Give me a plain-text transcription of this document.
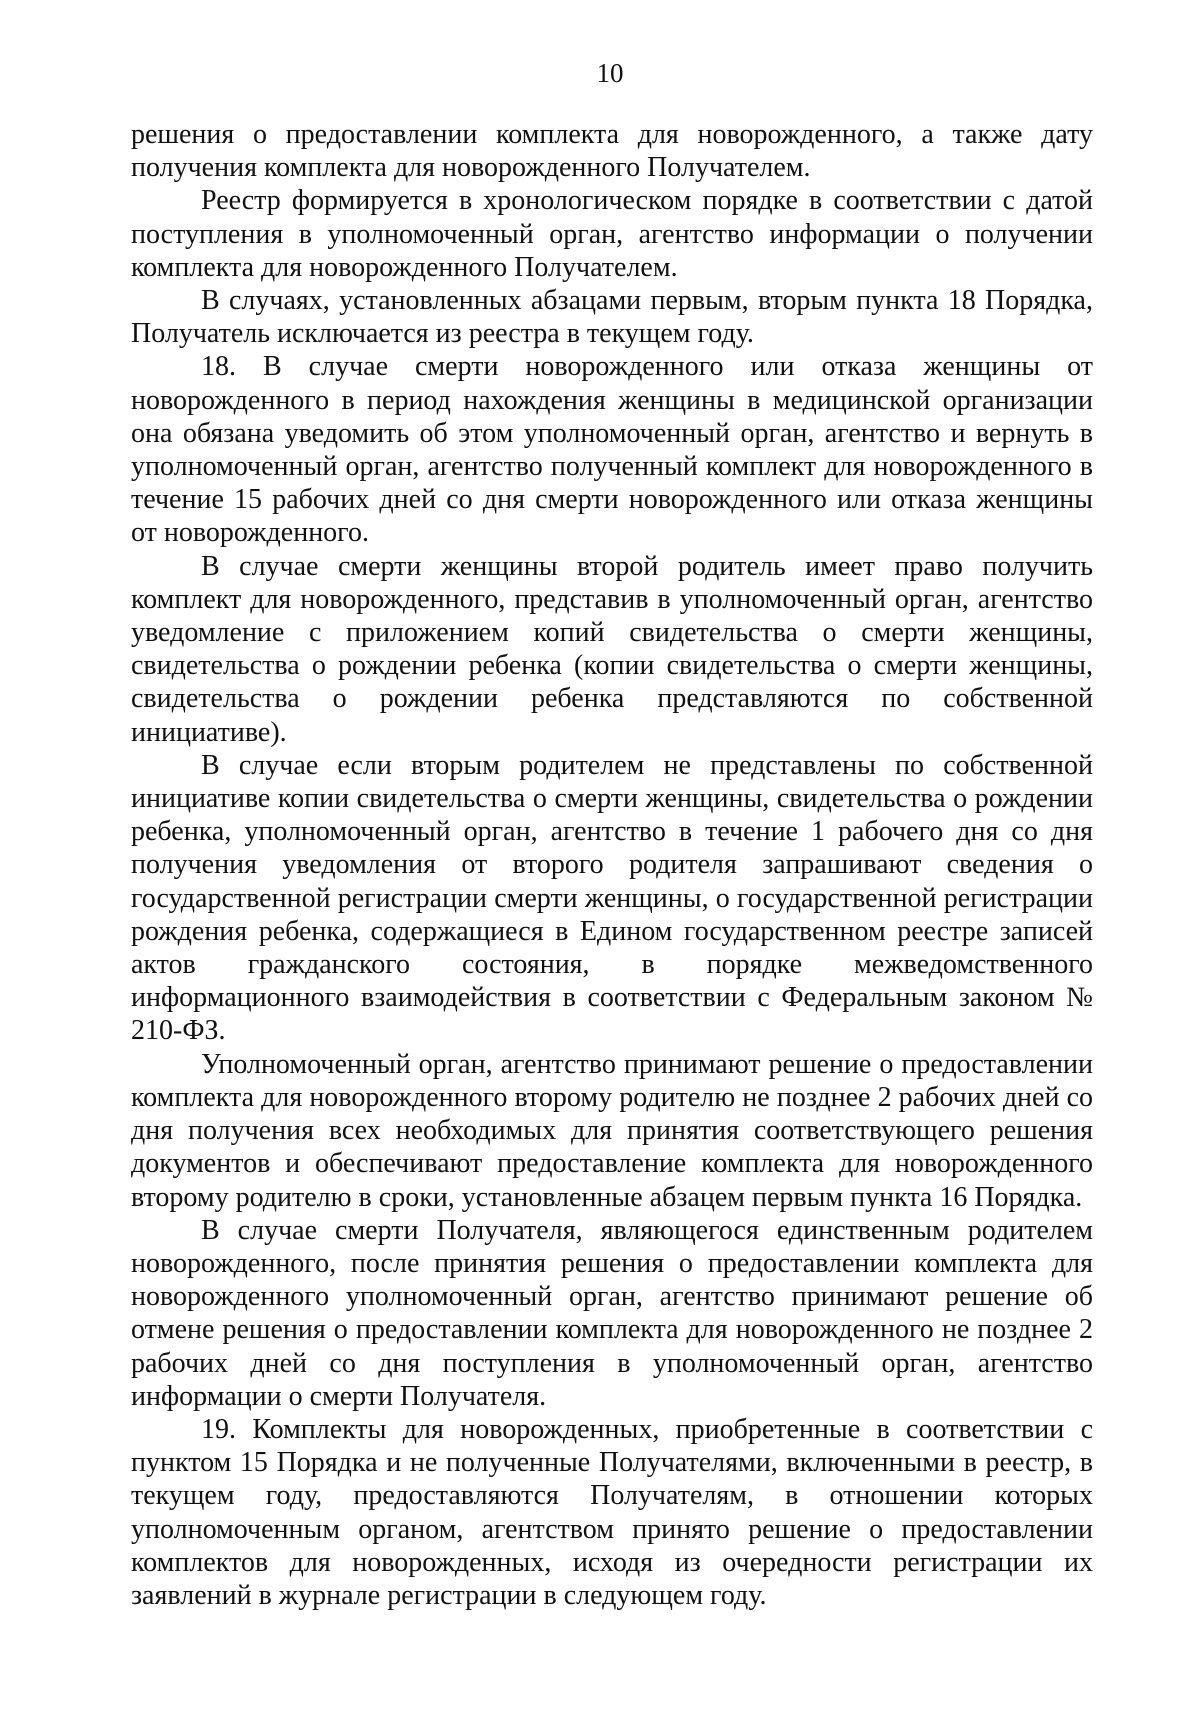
10

решения о предоставлении комплекта для новорожденного, а также дату получения комплекта для новорожденного Получателем.

Реестр формируется в хронологическом порядке в соответствии с датой поступления в уполномоченный орган, агентство информации о получении комплекта для новорожденного Получателем.

В случаях, установленных абзацами первым, вторым пункта 18 Порядка, Получатель исключается из реестра в текущем году.

18. В случае смерти новорожденного или отказа женщины от новорожденного в период нахождения женщины в медицинской организации она обязана уведомить об этом уполномоченный орган, агентство и вернуть в уполномоченный орган, агентство полученный комплект для новорожденного в течение 15 рабочих дней со дня смерти новорожденного или отказа женщины от новорожденного.

В случае смерти женщины второй родитель имеет право получить комплект для новорожденного, представив в уполномоченный орган, агентство уведомление с приложением копий свидетельства о смерти женщины, свидетельства о рождении ребенка (копии свидетельства о смерти женщины, свидетельства о рождении ребенка представляются по собственной инициативе).

В случае если вторым родителем не представлены по собственной инициативе копии свидетельства о смерти женщины, свидетельства о рождении ребенка, уполномоченный орган, агентство в течение 1 рабочего дня со дня получения уведомления от второго родителя запрашивают сведения о государственной регистрации смерти женщины, о государственной регистрации рождения ребенка, содержащиеся в Едином государственном реестре записей актов гражданского состояния, в порядке межведомственного информационного взаимодействия в соответствии с Федеральным законом № 210-ФЗ.

Уполномоченный орган, агентство принимают решение о предоставлении комплекта для новорожденного второму родителю не позднее 2 рабочих дней со дня получения всех необходимых для принятия соответствующего решения документов и обеспечивают предоставление комплекта для новорожденного второму родителю в сроки, установленные абзацем первым пункта 16 Порядка.

В случае смерти Получателя, являющегося единственным родителем новорожденного, после принятия решения о предоставлении комплекта для новорожденного уполномоченный орган, агентство принимают решение об отмене решения о предоставлении комплекта для новорожденного не позднее 2 рабочих дней со дня поступления в уполномоченный орган, агентство информации о смерти Получателя.

19. Комплекты для новорожденных, приобретенные в соответствии с пунктом 15 Порядка и не полученные Получателями, включенными в реестр, в текущем году, предоставляются Получателям, в отношении которых уполномоченным органом, агентством принято решение о предоставлении комплектов для новорожденных, исходя из очередности регистрации их заявлений в журнале регистрации в следующем году.
